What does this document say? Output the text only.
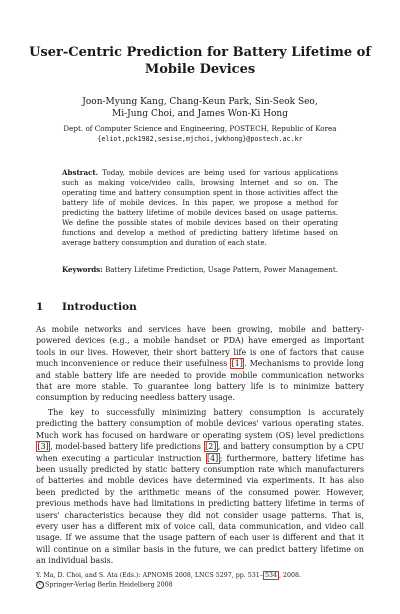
User-Centric Prediction for Battery Lifetime of
Mobile Devices
Joon-Myung Kang, Chang-Keun Park, Sin-Seok Seo,
Mi-Jung Choi, and James Won-Ki Hong
Dept. of Computer Science and Engineering, POSTECH, Republic of Korea
{eliot,pck1982,sesise,mjchoi,jwkhong}@postech.ac.kr
Abstract. Today, mobile devices are being used for various applications such as making voice/video calls, browsing Internet and so on. The operating time and battery consumption spent in those activities affect the battery life of mobile devices. In this paper, we propose a method for predicting the battery lifetime of mobile devices based on usage patterns. We define the possible states of mobile devices based on their operating functions and develop a method of predicting battery lifetime based on average battery consumption and duration of each state.
Keywords: Battery Lifetime Prediction, Usage Pattern, Power Management.
1 Introduction
As mobile networks and services have been growing, mobile and battery-powered devices (e.g., a mobile handset or PDA) have emerged as important tools in our lives. However, their short battery life is one of factors that cause much inconvenience or reduce their usefulness [1] . Mechanisms to provide long and stable battery life are needed to provide mobile communication networks that are more stable. To guarantee long battery life is to minimize battery consumption by reducing needless battery usage.
The key to successfully minimizing battery consumption is accurately predicting the battery consumption of mobile devices' various operating states. Much work has focused on hardware or operating system (OS) level predictions [3] , model-based battery life predictions [2] , and battery consumption by a CPU when executing a particular instruction [4] ; furthermore, battery lifetime has been usually predicted by static battery consumption rate which manufacturers of batteries and mobile devices have determined via experiments. It has also been predicted by the arithmetic means of the consumed power. However, previous methods have had limitations in predicting battery lifetime in terms of users' characteristics because they did not consider usage patterns. That is, every user has a different mix of voice call, data communication, and video call usage. If we assume that the usage pattern of each user is different and that it will continue on a similar basis in the future, we can predict battery lifetime on an individual basis.
Y. Ma, D. Choi, and S. Ata (Eds.): APNOMS 2008, LNCS 5297, pp. 531– 534 , 2008.
c Springer-Verlag Berlin Heidelberg 2008
